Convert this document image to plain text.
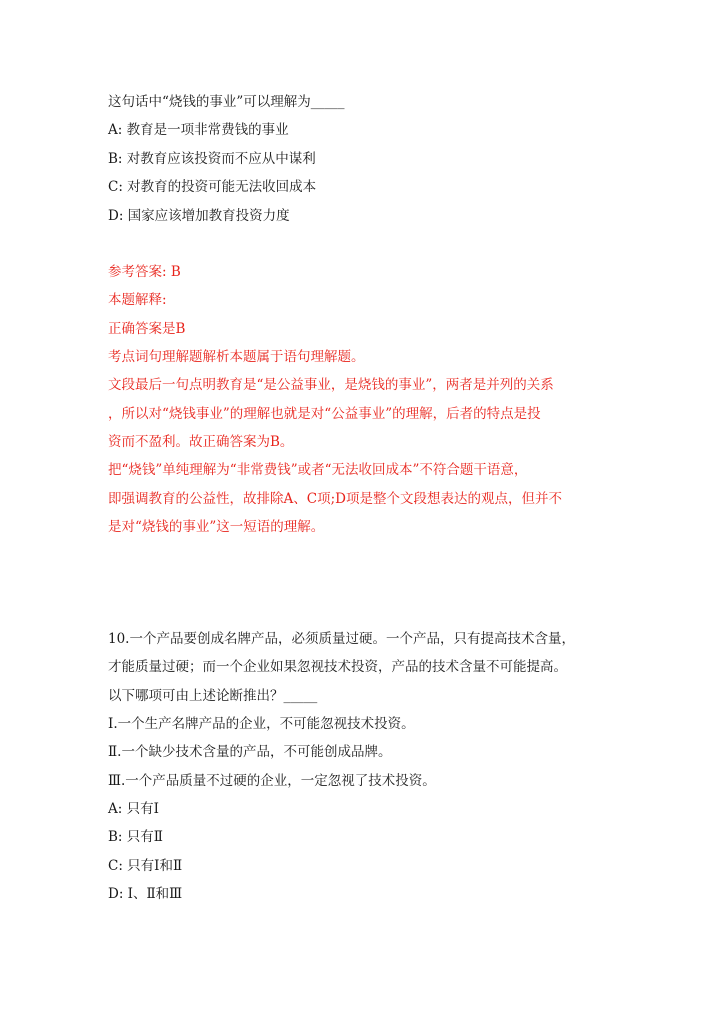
这句话中“烧钱的事业”可以理解为_____
A: 教育是一项非常费钱的事业
B: 对教育应该投资而不应从中谋利
C: 对教育的投资可能无法收回成本
D: 国家应该增加教育投资力度
参考答案: B
本题解释:
正确答案是B
考点词句理解题解析本题属于语句理解题。
文段最后一句点明教育是“是公益事业，是烧钱的事业”，两者是并列的关系
，所以对“烧钱事业”的理解也就是对“公益事业”的理解，后者的特点是投
资而不盈利。故正确答案为B。
把“烧钱”单纯理解为“非常费钱”或者“无法收回成本”不符合题干语意，
即强调教育的公益性，故排除A、C项;D项是整个文段想表达的观点，但并不
是对“烧钱的事业”这一短语的理解。
10.一个产品要创成名牌产品，必须质量过硬。一个产品，只有提高技术含量，
才能质量过硬；而一个企业如果忽视技术投资，产品的技术含量不可能提高。
以下哪项可由上述论断推出？_____
Ⅰ.一个生产名牌产品的企业，不可能忽视技术投资。
Ⅱ.一个缺少技术含量的产品，不可能创成品牌。
Ⅲ.一个产品质量不过硬的企业，一定忽视了技术投资。
A: 只有Ⅰ
B: 只有Ⅱ
C: 只有Ⅰ和Ⅱ
D: Ⅰ、Ⅱ和Ⅲ
